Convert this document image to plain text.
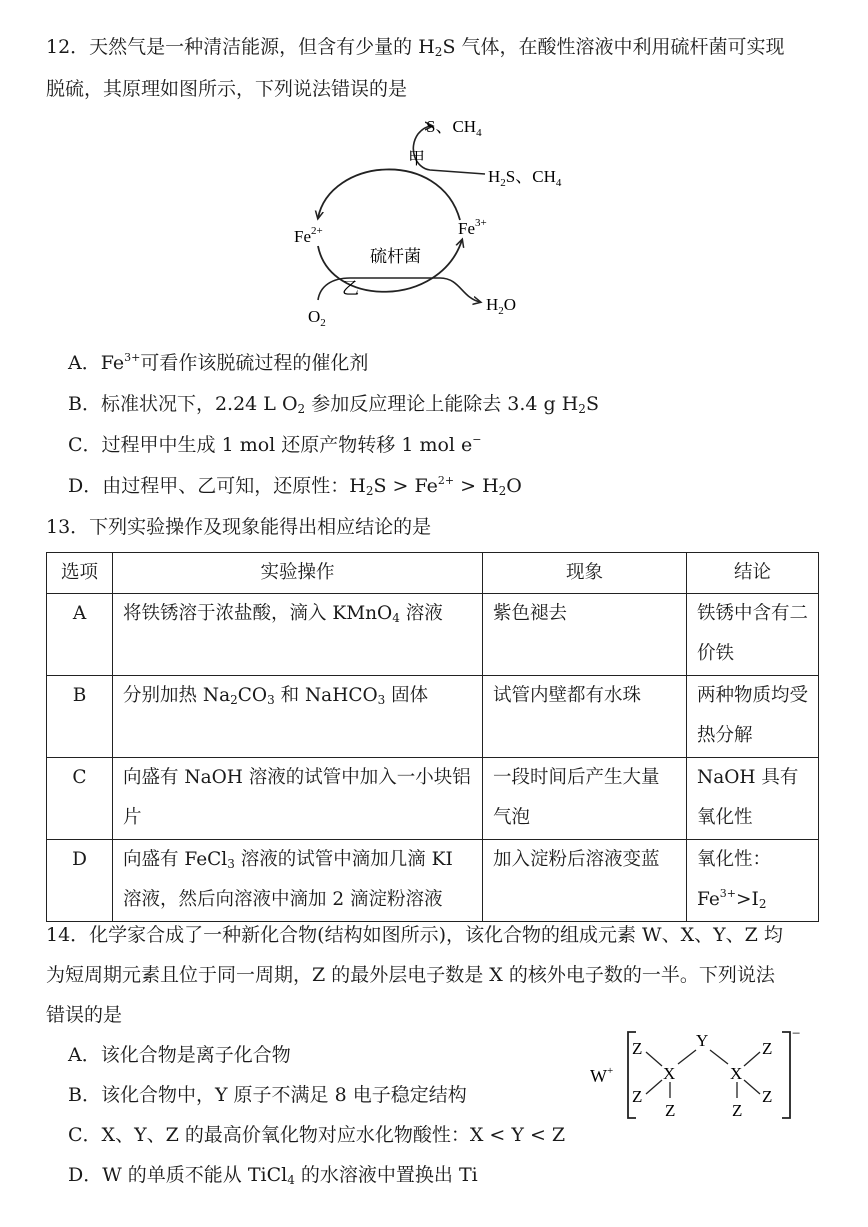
12．天然气是一种清洁能源，但含有少量的 $H_2S$ 气体，在酸性溶液中利用硫杆菌可实现
脱硫，其原理如图所示，下列说法错误的是
S、$CH_4$
$H_2S$、$CH_4$
甲
$Fe^{2+}$	$Fe^{3+}$
硫杆菌
乙
$O_2$
$H_2O$
A．$Fe^{3+}$可看作该脱硫过程的催化剂
B．标准状况下，2.24 L $O_2$ 参加反应理论上能除去 3.4 g $H_2S$
C．过程甲中生成 1 mol 还原产物转移 1 mol e−
D．由过程甲、乙可知，还原性：$H_2S > Fe^{2+} > H_2O$
13．下列实验操作及现象能得出相应结论的是
选项	实验操作	现象	结论
A	将铁锈溶于浓盐酸，滴入 KMnO$_4$ 溶液	紫色褪去	铁锈中含有二价铁
B	分别加热 $Na_2CO_3$ 和 NaHCO$_3$ 固体	试管内壁都有水珠	两种物质均受热分解
C	向盛有 NaOH 溶液的试管中加入一小块铝片	一段时间后产生大量气泡	NaOH 具有氧化性
D	向盛有 FeCl$_3$ 溶液的试管中滴加几滴 KI 溶液，然后向溶液中滴加 2 滴淀粉溶液	加入淀粉后溶液变蓝	氧化性：$Fe^{3+}>I_2$
14．化学家合成了一种新化合物(结构如图所示)，该化合物的组成元素 W、X、Y、Z 均
为短周期元素且位于同一周期，Z 的最外层电子数是 X 的核外电子数的一半。下列说法
错误的是
W+
−
X
Z
Z
Z
Y
X
Z
Z
Z
A．该化合物是离子化合物
B．该化合物中，Y 原子不满足 8 电子稳定结构
C．X、Y、Z 的最高价氧化物对应水化物酸性：X < Y < Z
D．W 的单质不能从 TiCl$_4$ 的水溶液中置换出 Ti
